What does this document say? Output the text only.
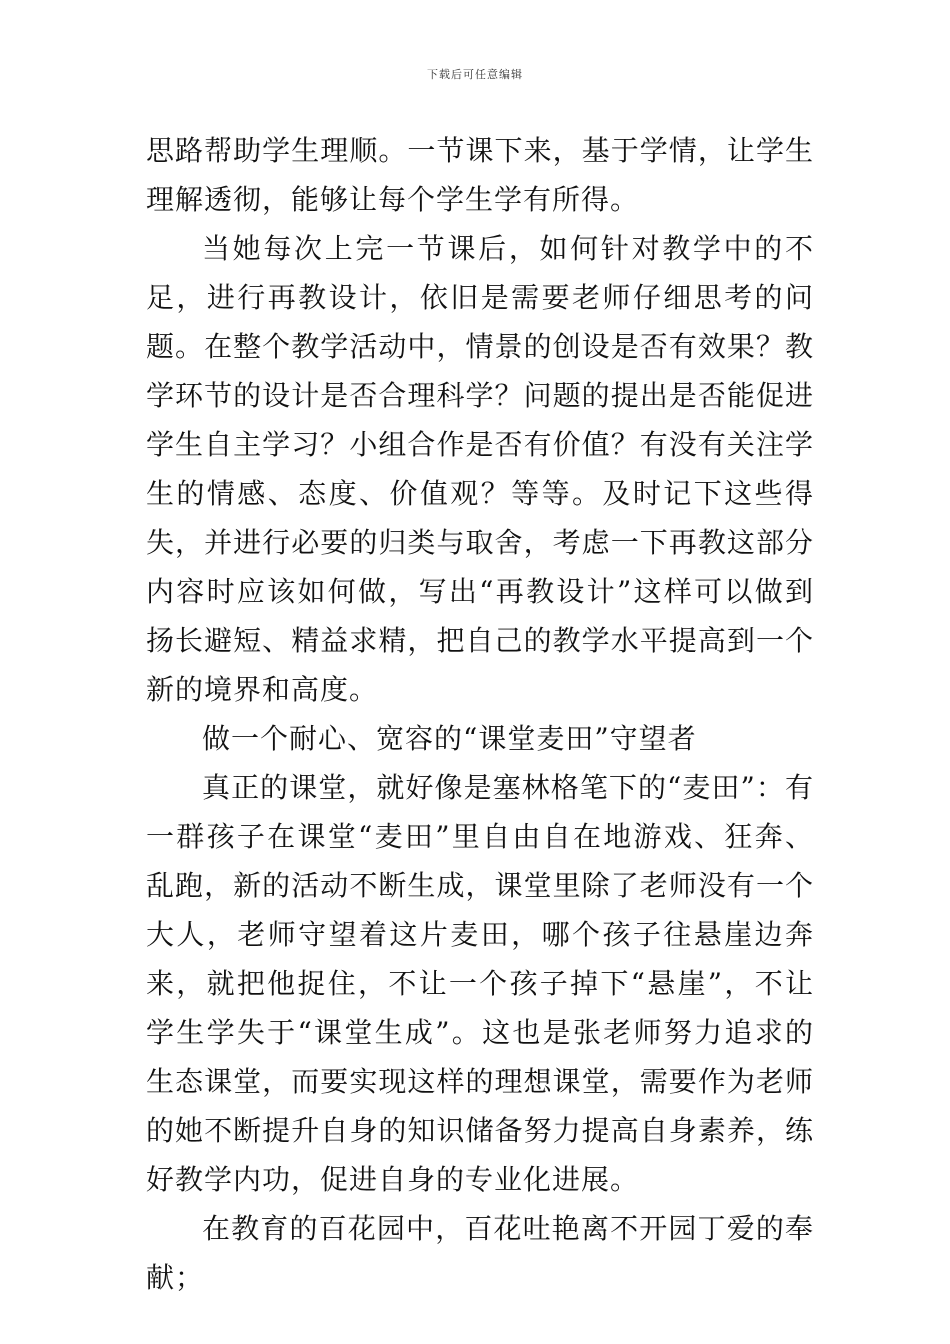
下载后可任意编辑

思路帮助学生理顺。一节课下来，基于学情，让学生理解透彻，能够让每个学生学有所得。

当她每次上完一节课后，如何针对教学中的不足，进行再教设计，依旧是需要老师仔细思考的问题。在整个教学活动中，情景的创设是否有效果？教学环节的设计是否合理科学？问题的提出是否能促进学生自主学习？小组合作是否有价值？有没有关注学生的情感、态度、价值观？等等。及时记下这些得失，并进行必要的归类与取舍，考虑一下再教这部分内容时应该如何做，写出“再教设计”这样可以做到扬长避短、精益求精，把自己的教学水平提高到一个新的境界和高度。

做一个耐心、宽容的“课堂麦田”守望者

真正的课堂，就好像是塞林格笔下的“麦田”：有一群孩子在课堂“麦田”里自由自在地游戏、狂奔、乱跑，新的活动不断生成，课堂里除了老师没有一个大人，老师守望着这片麦田，哪个孩子往悬崖边奔来，就把他捉住，不让一个孩子掉下“悬崖”，不让学生学失于“课堂生成”。这也是张老师努力追求的生态课堂，而要实现这样的理想课堂，需要作为老师的她不断提升自身的知识储备努力提高自身素养，练好教学内功，促进自身的专业化进展。

在教育的百花园中，百花吐艳离不开园丁爱的奉献；
